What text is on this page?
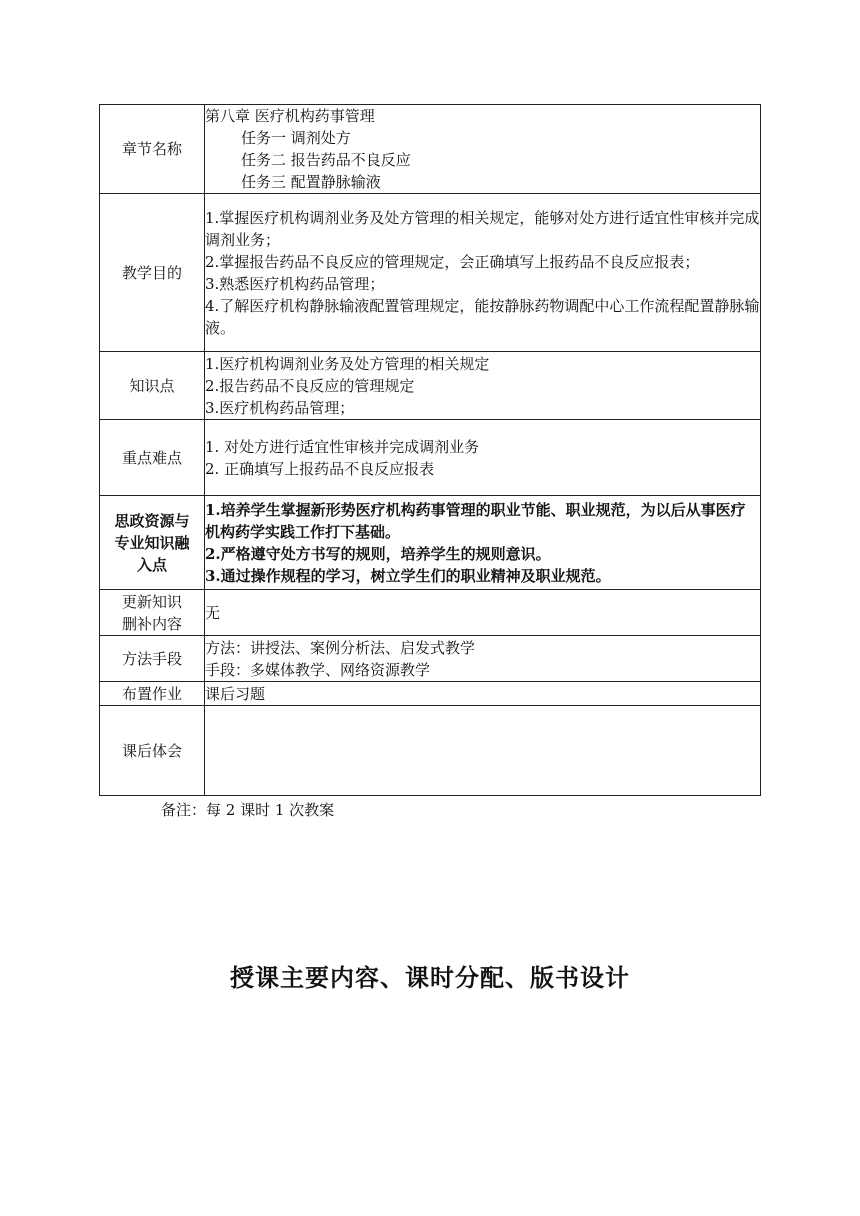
章节名称	第八章 医疗机构药事管理
任务一 调剂处方
任务二 报告药品不良反应
任务三 配置静脉输液

教学目的	1.掌握医疗机构调剂业务及处方管理的相关规定，能够对处方进行适宜性审核并完成调剂业务；
2.掌握报告药品不良反应的管理规定，会正确填写上报药品不良反应报表；
3.熟悉医疗机构药品管理；
4.了解医疗机构静脉输液配置管理规定，能按静脉药物调配中心工作流程配置静脉输液。

知识点	1.医疗机构调剂业务及处方管理的相关规定
2.报告药品不良反应的管理规定
3.医疗机构药品管理；

重点难点	1. 对处方进行适宜性审核并完成调剂业务
2. 正确填写上报药品不良反应报表

思政资源与
专业知识融
入点	1.培养学生掌握新形势医疗机构药事管理的职业节能、职业规范，为以后从事医疗机构药学实践工作打下基础。
2.严格遵守处方书写的规则，培养学生的规则意识。
3.通过操作规程的学习，树立学生们的职业精神及职业规范。

更新知识
删补内容	无
方法手段	方法：讲授法、案例分析法、启发式教学
手段：多媒体教学、网络资源教学

布置作业	课后习题
课后体会	
备注：每 2 课时 1 次教案
授课主要内容、课时分配、版书设计
